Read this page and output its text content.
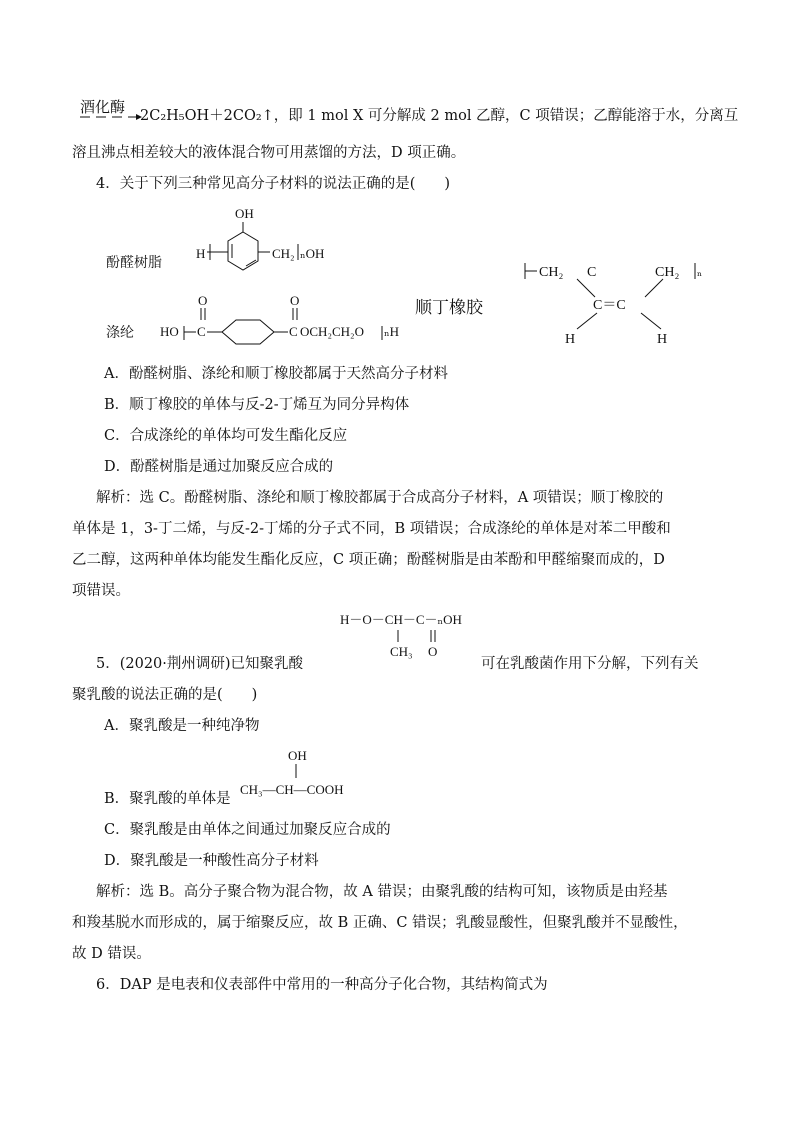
酒化酶 2C₂H₅OH＋2CO₂↑，即 1 mol X 可分解成 2 mol 乙醇，C 项错误；乙醇能溶于水，分离互
溶且沸点相差较大的液体混合物可用蒸馏的方法，D 项正确。
4．关于下列三种常见高分子材料的说法正确的是(　　)
酚醛树脂
涤纶
顺丁橡胶
OH
H	CH₂ ₙOH
O
HO C
O
C OCH₂CH₂O ₙH
CH₂ C	CH₂ ₙ
C＝C
H	H
A．酚醛树脂、涤纶和顺丁橡胶都属于天然高分子材料
B．顺丁橡胶的单体与反-2-丁烯互为同分异构体
C．合成涤纶的单体均可发生酯化反应
D．酚醛树脂是通过加聚反应合成的
解析：选 C。酚醛树脂、涤纶和顺丁橡胶都属于合成高分子材料，A 项错误；顺丁橡胶的
单体是 1，3-丁二烯，与反-2-丁烯的分子式不同，B 项错误；合成涤纶的单体是对苯二甲酸和
乙二醇，这两种单体均能发生酯化反应，C 项正确；酚醛树脂是由苯酚和甲醛缩聚而成的，D
项错误。
H－O－CH－C－ₙOH
CH₃ O
5．(2020·荆州调研)已知聚乳酸	可在乳酸菌作用下分解，下列有关
聚乳酸的说法正确的是(　　)
A．聚乳酸是一种纯净物
OH
CH₃—CH—COOH
B．聚乳酸的单体是
C．聚乳酸是由单体之间通过加聚反应合成的
D．聚乳酸是一种酸性高分子材料
解析：选 B。高分子聚合物为混合物，故 A 错误；由聚乳酸的结构可知，该物质是由羟基
和羧基脱水而形成的，属于缩聚反应，故 B 正确、C 错误；乳酸显酸性，但聚乳酸并不显酸性，
故 D 错误。
6．DAP 是电表和仪表部件中常用的一种高分子化合物，其结构简式为
